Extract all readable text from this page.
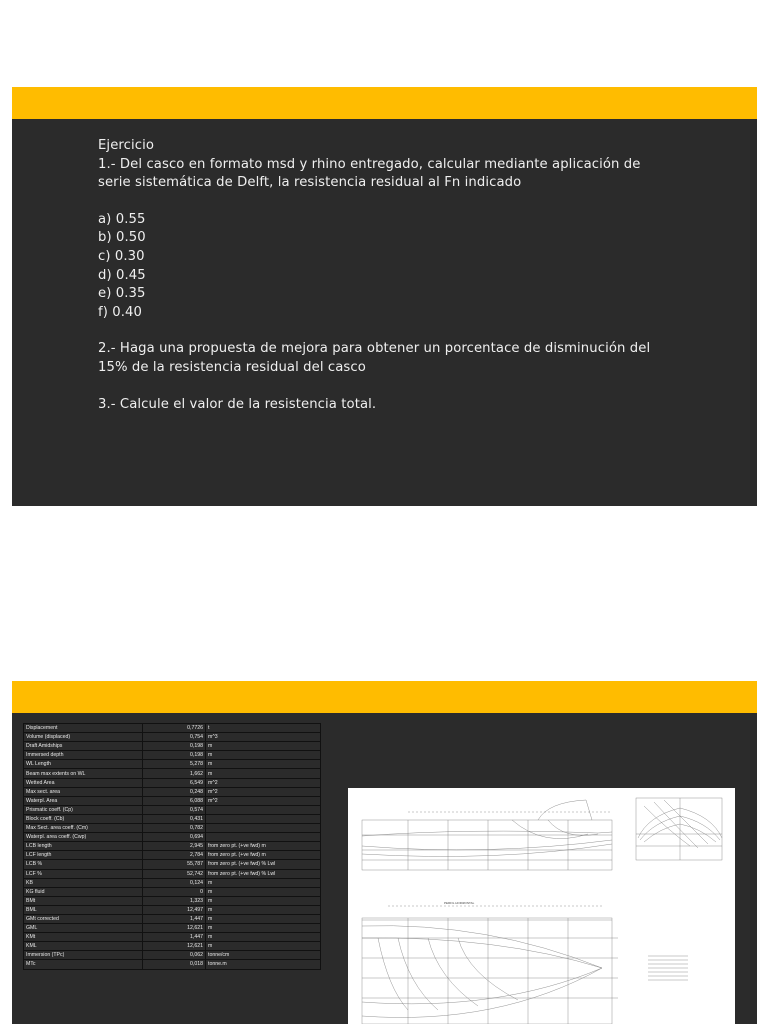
Ejercicio

1.- Del casco en formato msd y rhino entregado, calcular mediante aplicación de

serie sistemática de Delft, la resistencia residual al Fn indicado

a) 0.55

b) 0.50

c) 0.30

d) 0.45

e) 0.35

f) 0.40

2.- Haga una propuesta de mejora para obtener un porcentace de disminución del

15% de la resistencia residual del casco

3.- Calcule el valor de la resistencia total.

Displacement	0,7726	t
Volume (displaced)	0,754	m^3
Draft Amidships	0,198	m
Immersed depth	0,198	m
WL Length	5,278	m
Beam max extents on WL	1,662	m
Wetted Area	6,549	m^2
Max sect. area	0,248	m^2
Waterpl. Area	6,088	m^2
Prismatic coeff. (Cp)	0,574	
Block coeff. (Cb)	0,431	
Max Sect. area coeff. (Cm)	0,782	
Waterpl. area coeff. (Cwp)	0,694	
LCB length	2,945	from zero pt. (+ve fwd) m
LCF length	2,784	from zero pt. (+ve fwd) m
LCB %	55,787	from zero pt. (+ve fwd) % Lwl
LCF %	52,742	from zero pt. (+ve fwd) % Lwl
KB	0,124	m
KG fluid	0	m
BMt	1,323	m
BML	12,497	m
GMt corrected	1,447	m
GML	12,621	m
KMt	1,447	m
KML	12,621	m
Immersion (TPc)	0,062	tonne/cm
MTc	0,018	tonne.m
PERFIL HORIZONTAL
